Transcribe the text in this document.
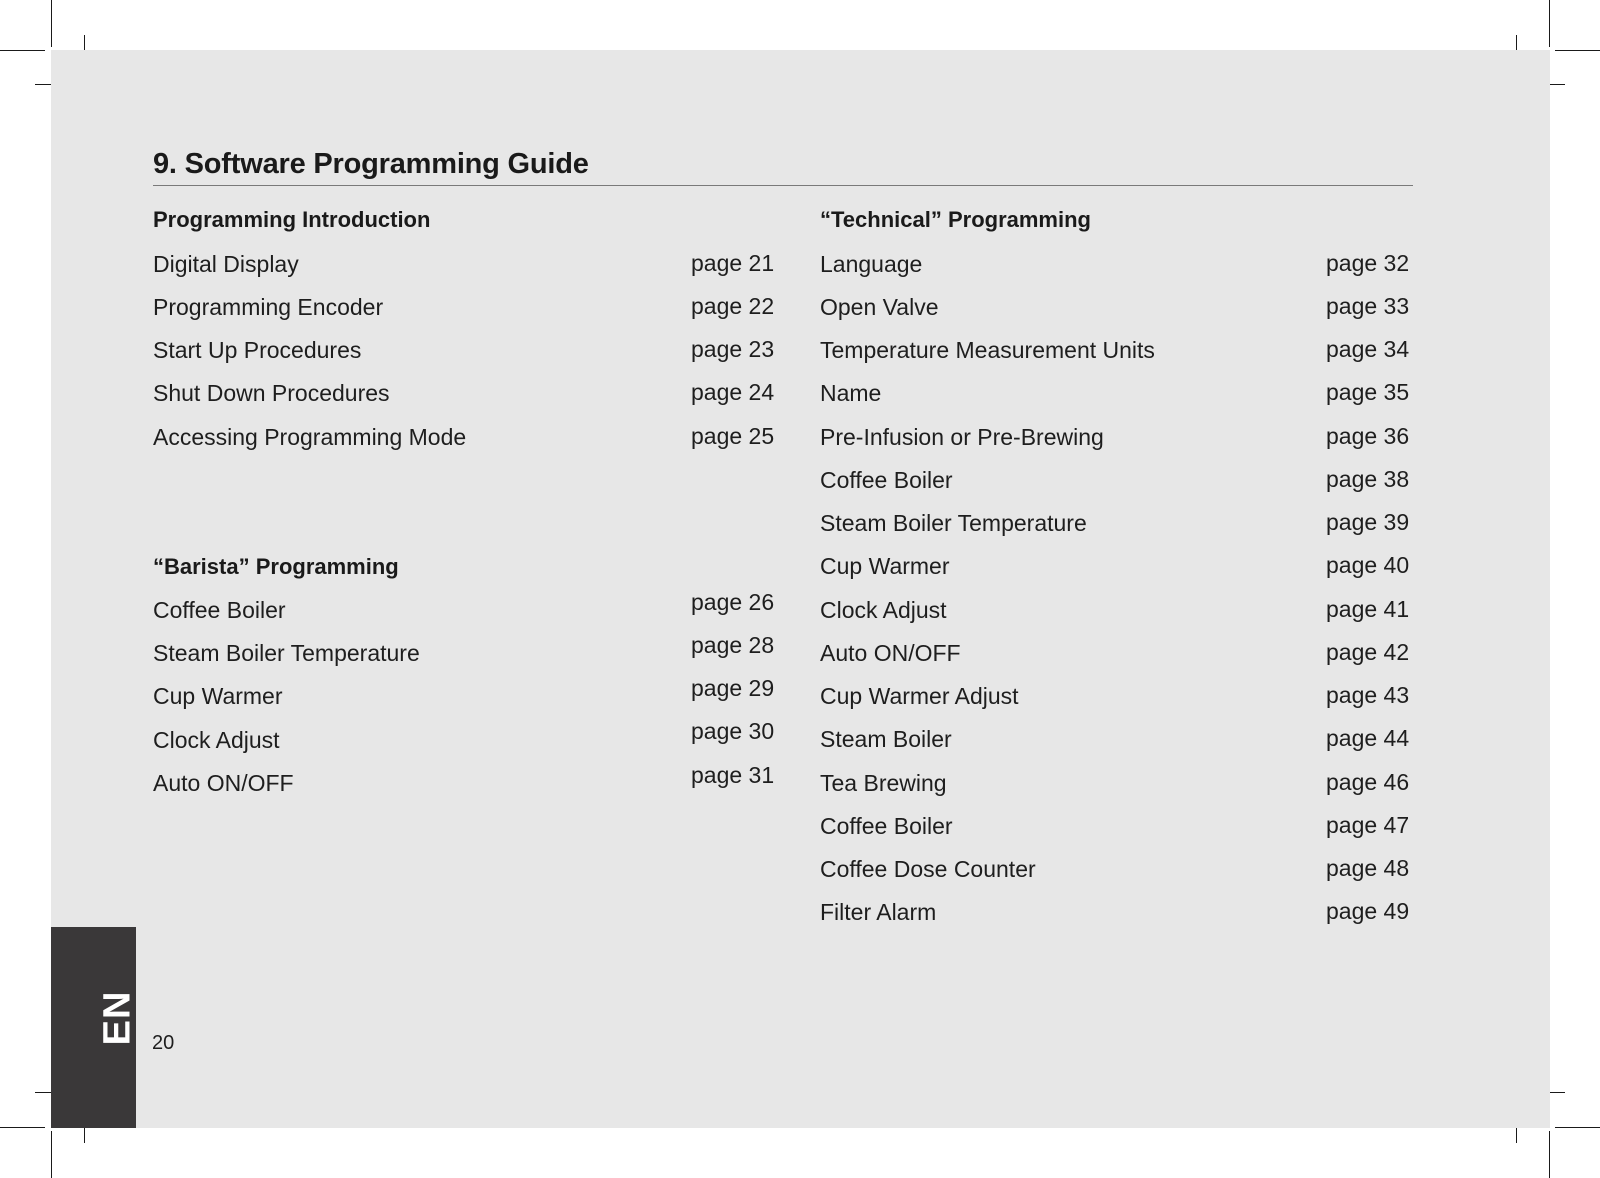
9. Software Programming Guide
Programming Introduction
Digital Display	page 21
Programming Encoder	page 22
Start Up Procedures	page 23
Shut Down Procedures	page 24
Accessing Programming Mode	page 25
“Barista” Programming
Coffee Boiler	page 26
Steam Boiler Temperature	page 28
Cup Warmer	page 29
Clock Adjust	page 30
Auto ON/OFF	page 31
“Technical” Programming
Language	page 32
Open Valve	page 33
Temperature Measurement Units	page 34
Name	page 35
Pre-Infusion or Pre-Brewing	page 36
Coffee Boiler	page 38
Steam Boiler Temperature	page 39
Cup Warmer	page 40
Clock Adjust	page 41
Auto ON/OFF	page 42
Cup Warmer Adjust	page 43
Steam Boiler	page 44
Tea Brewing	page 46
Coffee Boiler	page 47
Coffee Dose Counter	page 48
Filter Alarm	page 49
EN 20
